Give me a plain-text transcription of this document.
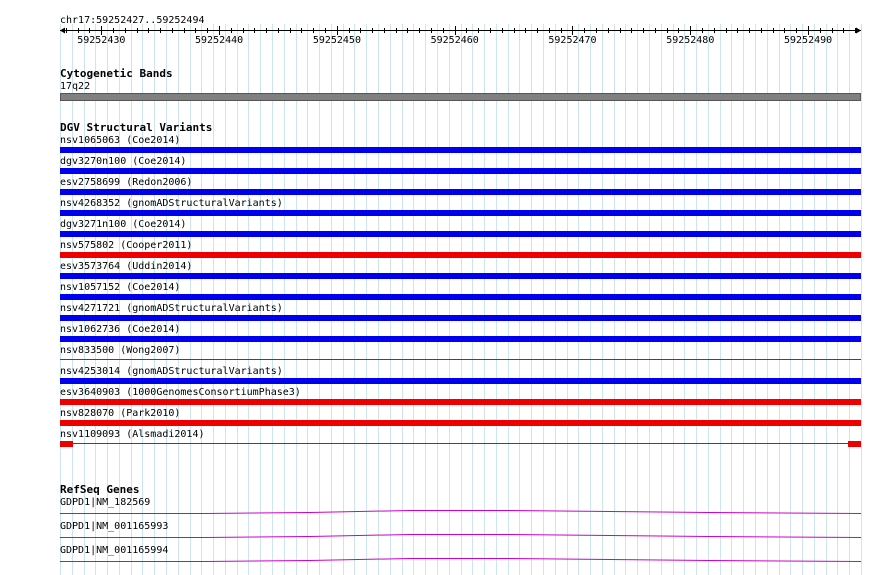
chr17:59252427..59252494
59252430	59252440	59252450	59252460	59252470	59252480	59252490
Cytogenetic Bands
17q22
DGV Structural Variants
nsv1065063 (Coe2014)
dgv3270n100 (Coe2014)
esv2758699 (Redon2006)
nsv4268352 (gnomADStructuralVariants)
dgv3271n100 (Coe2014)
nsv575802 (Cooper2011)
esv3573764 (Uddin2014)
nsv1057152 (Coe2014)
nsv4271721 (gnomADStructuralVariants)
nsv1062736 (Coe2014)
nsv833500 (Wong2007)
nsv4253014 (gnomADStructuralVariants)
esv3640903 (1000GenomesConsortiumPhase3)
nsv828070 (Park2010)
nsv1109093 (Alsmadi2014)
RefSeq Genes
GDPD1|NM_182569
GDPD1|NM_001165993
GDPD1|NM_001165994
